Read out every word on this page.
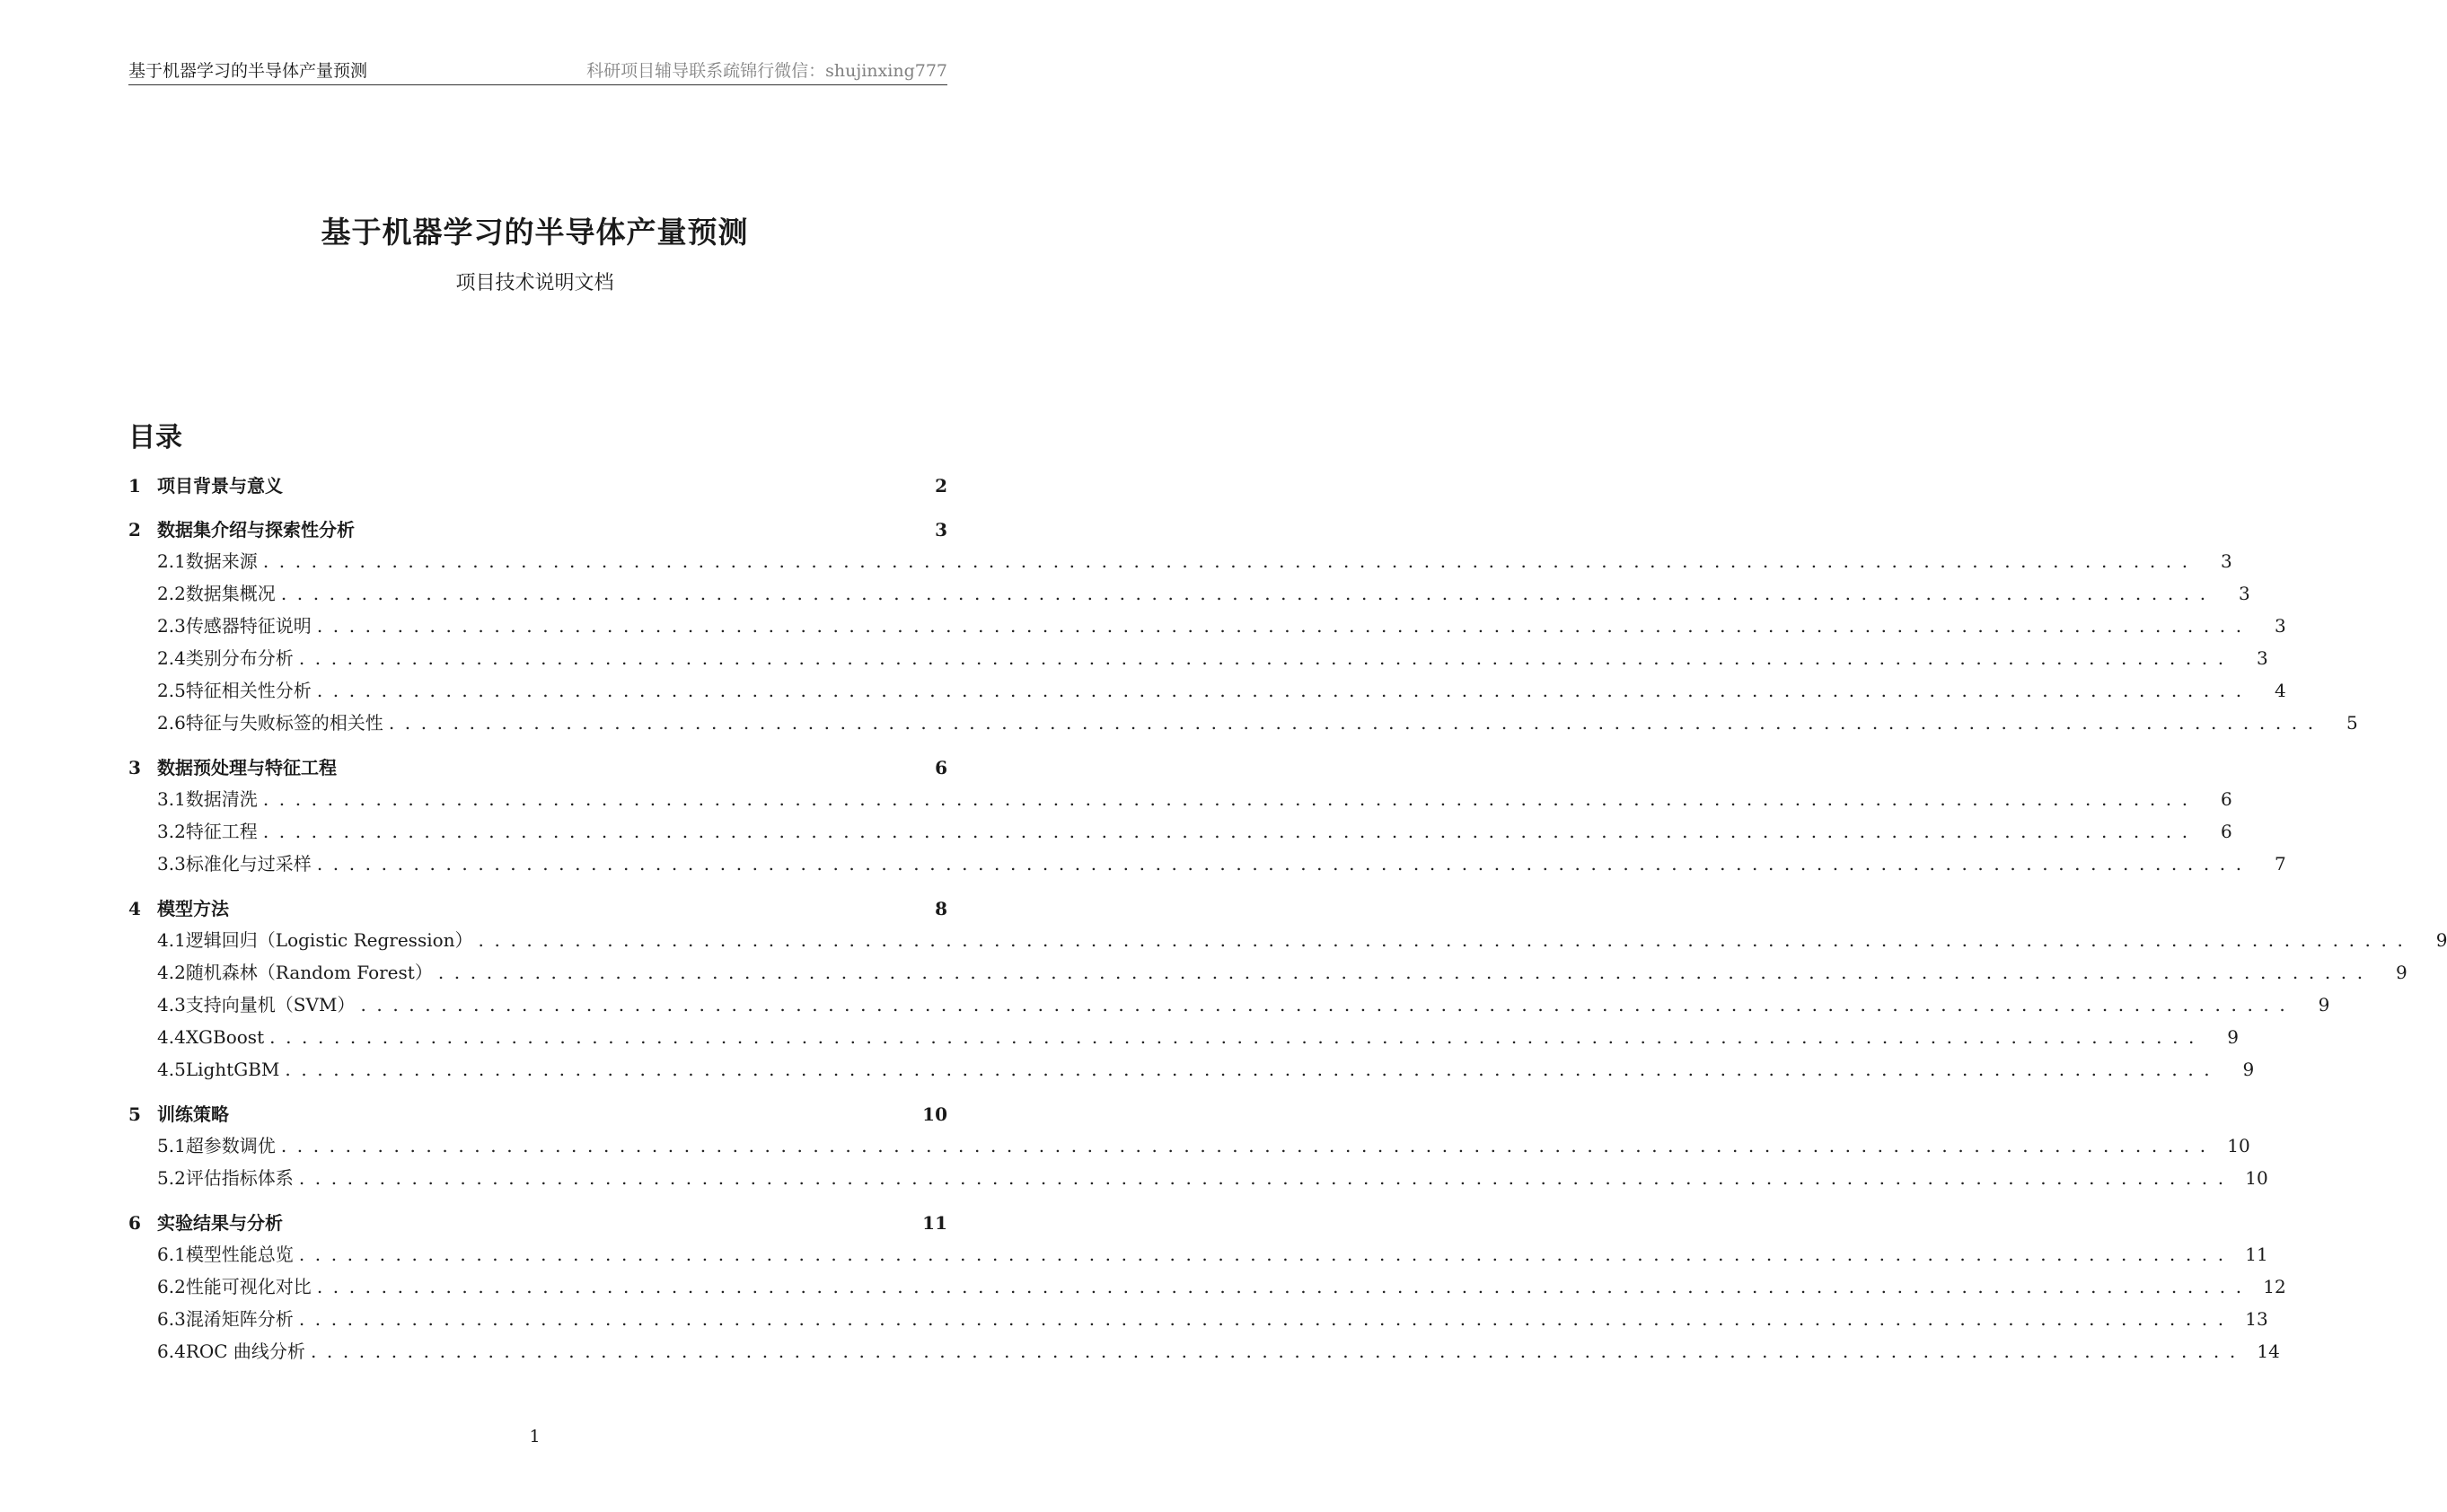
基于机器学习的半导体产量预测	科研项目辅导联系疏锦行微信：shujinxing777
基于机器学习的半导体产量预测
项目技术说明文档
目录
1 项目背景与意义	2
2 数据集介绍与探索性分析	3
2.1 数据来源 ........................................................................................................................	3
2.2 数据集概况 ........................................................................................................................	3
2.3 传感器特征说明 ........................................................................................................................	3
2.4 类别分布分析 ........................................................................................................................	3
2.5 特征相关性分析 ........................................................................................................................	4
2.6 特征与失败标签的相关性 ........................................................................................................................	5
3 数据预处理与特征工程	6
3.1 数据清洗 ........................................................................................................................	6
3.2 特征工程 ........................................................................................................................	6
3.3 标准化与过采样 ........................................................................................................................	7
4 模型方法	8
4.1 逻辑回归（Logistic Regression） ........................................................................................................................	9
4.2 随机森林（Random Forest） ........................................................................................................................	9
4.3 支持向量机（SVM） ........................................................................................................................	9
4.4 XGBoost ........................................................................................................................	9
4.5 LightGBM ........................................................................................................................	9
5 训练策略	10
5.1 超参数调优 ........................................................................................................................ 10
5.2 评估指标体系 ........................................................................................................................ 10
6 实验结果与分析	11
6.1 模型性能总览 ........................................................................................................................ 11
6.2 性能可视化对比 ........................................................................................................................ 12
6.3 混淆矩阵分析 ........................................................................................................................ 13
6.4 ROC 曲线分析 ........................................................................................................................ 14
1
